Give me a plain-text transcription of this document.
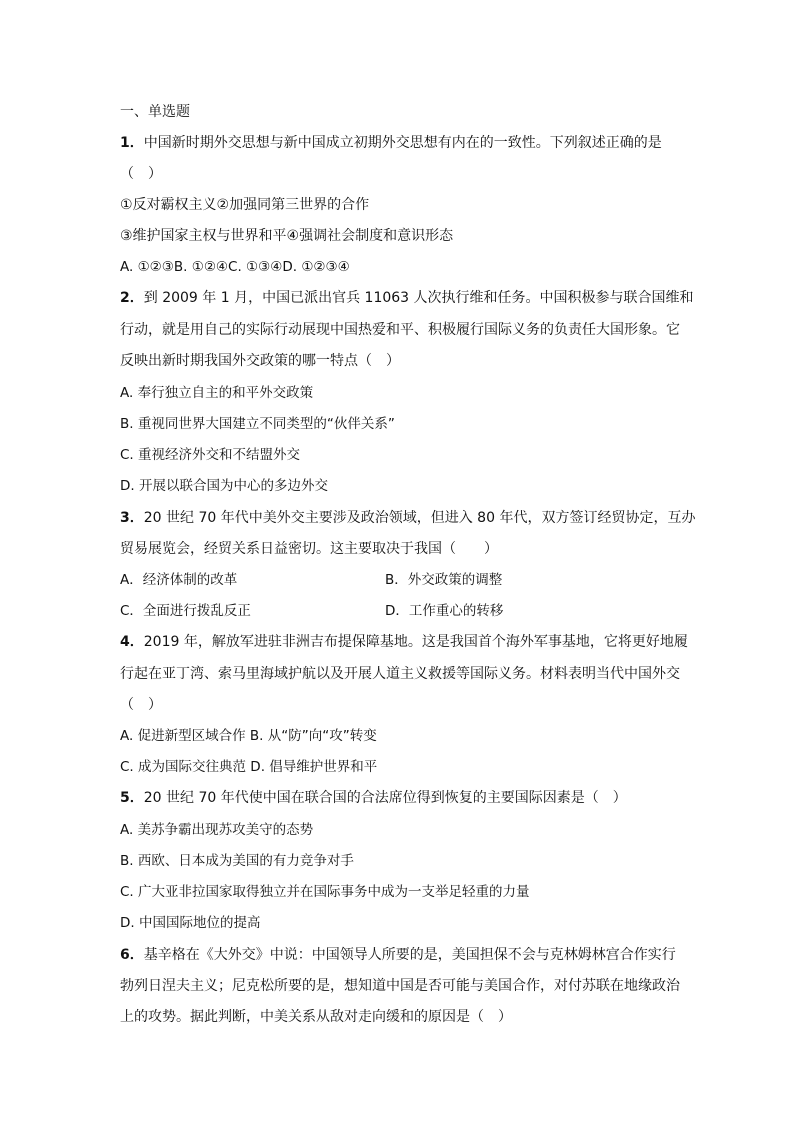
一、单选题
1．中国新时期外交思想与新中国成立初期外交思想有内在的一致性。下列叙述正确的是
（　）
①反对霸权主义②加强同第三世界的合作
③维护国家主权与世界和平④强调社会制度和意识形态
A. ①②③B. ①②④C. ①③④D. ①②③④
2．到 2009 年 1 月，中国已派出官兵 11063 人次执行维和任务。中国积极参与联合国维和
行动，就是用自己的实际行动展现中国热爱和平、积极履行国际义务的负责任大国形象。它
反映出新时期我国外交政策的哪一特点（　）
A. 奉行独立自主的和平外交政策
B. 重视同世界大国建立不同类型的“伙伴关系”
C. 重视经济外交和不结盟外交
D. 开展以联合国为中心的多边外交
3．20 世纪 70 年代中美外交主要涉及政治领域，但进入 80 年代，双方签订经贸协定，互办
贸易展览会，经贸关系日益密切。这主要取决于我国（　　）
A．经济体制的改革	B．外交政策的调整
C．全面进行拨乱反正	D．工作重心的转移
4．2019 年，解放军进驻非洲吉布提保障基地。这是我国首个海外军事基地，它将更好地履
行起在亚丁湾、索马里海域护航以及开展人道主义救援等国际义务。材料表明当代中国外交
（　）
A. 促进新型区域合作 B. 从“防”向“攻”转变
C. 成为国际交往典范 D. 倡导维护世界和平
5．20 世纪 70 年代使中国在联合国的合法席位得到恢复的主要国际因素是（　）
A. 美苏争霸出现苏攻美守的态势
B. 西欧、日本成为美国的有力竞争对手
C. 广大亚非拉国家取得独立并在国际事务中成为一支举足轻重的力量
D. 中国国际地位的提高
6．基辛格在《大外交》中说：中国领导人所要的是，美国担保不会与克林姆林宫合作实行
勃列日涅夫主义；尼克松所要的是，想知道中国是否可能与美国合作，对付苏联在地缘政治
上的攻势。据此判断，中美关系从敌对走向缓和的原因是（　）
